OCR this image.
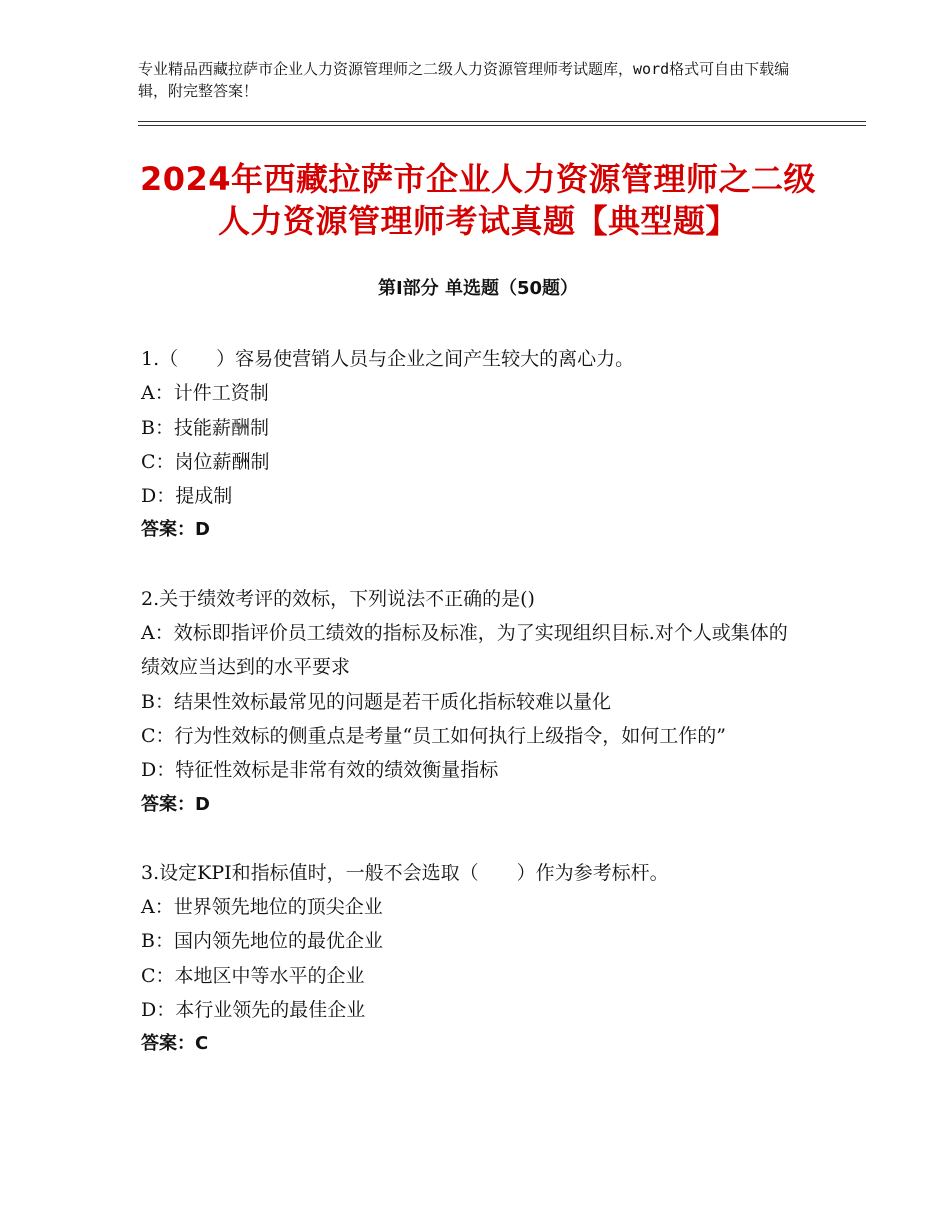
专业精品西藏拉萨市企业人力资源管理师之二级人力资源管理师考试题库，word格式可自由下载编辑，附完整答案！
2024年西藏拉萨市企业人力资源管理师之二级人力资源管理师考试真题【典型题】
第Ⅰ部分 单选题（50题）

1.（　　）容易使营销人员与企业之间产生较大的离心力。

A：计件工资制

B：技能薪酬制

C：岗位薪酬制

D：提成制

答案：D

2.关于绩效考评的效标，下列说法不正确的是()

A：效标即指评价员工绩效的指标及标准，为了实现组织目标.对个人或集体的绩效应当达到的水平要求

B：结果性效标最常见的问题是若干质化指标较难以量化

C：行为性效标的侧重点是考量“员工如何执行上级指令，如何工作的”

D：特征性效标是非常有效的绩效衡量指标

答案：D

3.设定KPI和指标值时，一般不会选取（　　）作为参考标杆。

A：世界领先地位的顶尖企业

B：国内领先地位的最优企业

C：本地区中等水平的企业

D：本行业领先的最佳企业

答案：C
